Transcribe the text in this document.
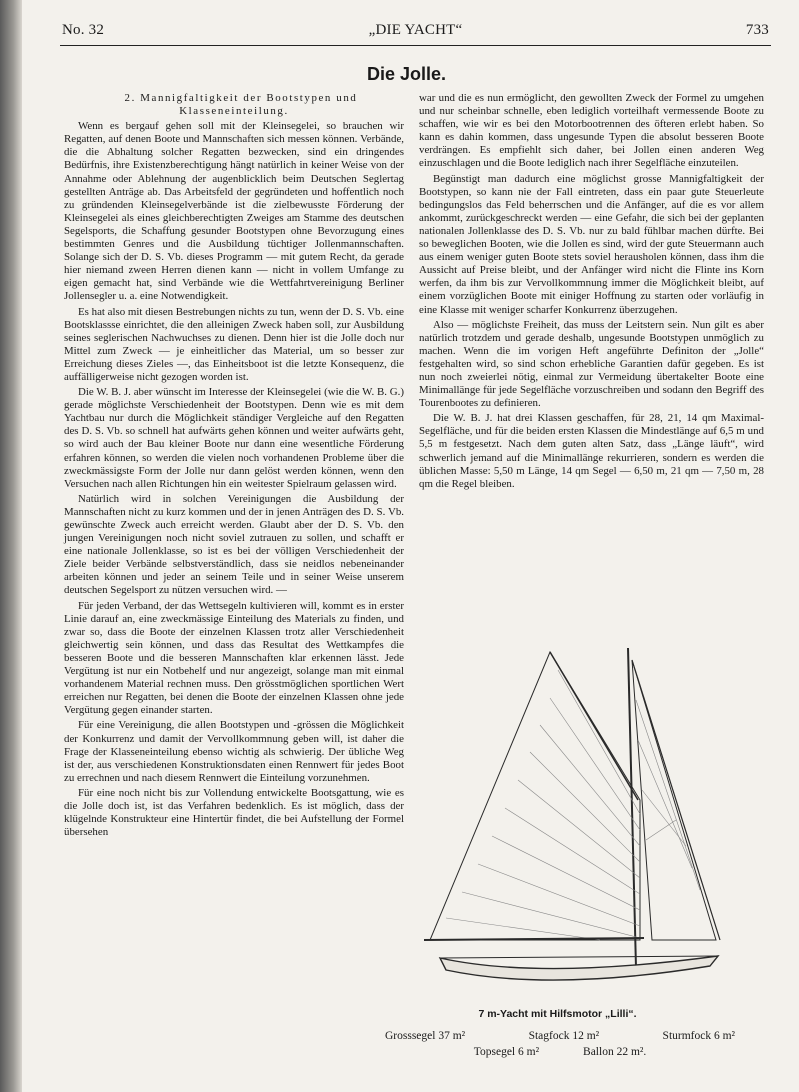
No. 32	„DIE YACHT“	733
Die Jolle.

2. Mannigfaltigkeit der Bootstypen und Klasseneinteilung.

Wenn es bergauf gehen soll mit der Kleinsegelei, so brauchen wir Regatten, auf denen Boote und Mannschaften sich messen können. Verbände, die die Abhaltung solcher Regatten bezwecken, sind ein dringendes Bedürfnis, ihre Existenzberechtigung hängt natürlich in keiner Weise von der Annahme oder Ablehnung der augenblicklich beim Deutschen Seglertag gestellten Anträge ab. Das Arbeitsfeld der gegründeten und hoffentlich noch zu gründenden Kleinsegelverbände ist die zielbewusste Förderung der Kleinsegelei als eines gleichberechtigten Zweiges am Stamme des deutschen Segelsports, die Schaffung gesunder Bootstypen ohne Bevorzugung eines bestimmten Genres und die Ausbildung tüchtiger Jollenmannschaften. Solange sich der D. S. Vb. dieses Programm — mit gutem Recht, da gerade hier niemand zween Herren dienen kann — nicht in vollem Umfange zu eigen gemacht hat, sind Verbände wie die Wettfahrtvereinigung Berliner Jollensegler u. a. eine Notwendigkeit.

Es hat also mit diesen Bestrebungen nichts zu tun, wenn der D. S. Vb. eine Bootsklassse einrichtet, die den alleinigen Zweck haben soll, zur Ausbildung seines seglerischen Nachwuchses zu dienen. Denn hier ist die Jolle doch nur Mittel zum Zweck — je einheitlicher das Material, um so besser zur Erreichung dieses Zieles —, das Einheitsboot ist die letzte Konsequenz, die auffälligerweise nicht gezogen worden ist.

Die W. B. J. aber wünscht im Interesse der Kleinsegelei (wie die W. B. G.) gerade möglichste Verschiedenheit der Bootstypen. Denn wie es mit dem Yachtbau nur durch die Möglichkeit ständiger Vergleiche auf den Regatten des D. S. Vb. so schnell hat aufwärts gehen können und weiter aufwärts geht, so wird auch der Bau kleiner Boote nur dann eine wesentliche Förderung erfahren können, so werden die vielen noch vorhandenen Probleme über die zweckmässigste Form der Jolle nur dann gelöst werden können, wenn den Versuchen nach allen Richtungen hin ein weitester Spielraum gelassen wird.

Natürlich wird in solchen Vereinigungen die Ausbildung der Mannschaften nicht zu kurz kommen und der in jenen Anträgen des D. S. Vb. gewünschte Zweck auch erreicht werden. Glaubt aber der D. S. Vb. den jungen Vereinigungen noch nicht soviel zutrauen zu sollen, und schafft er eine nationale Jollenklasse, so ist es bei der völligen Verschiedenheit der Ziele beider Verbände selbstverständlich, dass sie neidlos nebeneinander arbeiten können und jeder an seinem Teile und in seiner Weise unserem deutschen Segelsport zu nützen versuchen wird. —

Für jeden Verband, der das Wettsegeln kultivieren will, kommt es in erster Linie darauf an, eine zweckmässige Einteilung des Materials zu finden, und zwar so, dass die Boote der einzelnen Klassen trotz aller Verschiedenheit gleichwertig sein können, und dass das Resultat des Wettkampfes die besseren Boote und die besseren Mannschaften klar erkennen lässt. Jede Vergütung ist nur ein Notbehelf und nur angezeigt, solange man mit einmal vorhandenem Material rechnen muss. Den grösstmöglichen sportlichen Wert erreichen nur Regatten, bei denen die Boote der einzelnen Klassen ohne jede Vergütung gegen einander starten.

Für eine Vereinigung, die allen Bootstypen und -grössen die Möglichkeit der Konkurrenz und damit der Vervollkommnung geben will, ist daher die Frage der Klasseneinteilung ebenso wichtig als schwierig. Der übliche Weg ist der, aus verschiedenen Konstruktionsdaten einen Rennwert für jedes Boot zu errechnen und nach diesem Rennwert die Einteilung vorzunehmen.

Für eine noch nicht bis zur Vollendung entwickelte Bootsgattung, wie es die Jolle doch ist, ist das Verfahren bedenklich. Es ist möglich, dass der klügelnde Konstrukteur eine Hintertür findet, die bei Aufstellung der Formel übersehen

war und die es nun ermöglicht, den gewollten Zweck der Formel zu umgehen und nur scheinbar schnelle, eben lediglich vorteilhaft vermessende Boote zu schaffen, wie wir es bei den Motorbootrennen des öfteren erlebt haben. So kann es dahin kommen, dass ungesunde Typen die absolut besseren Boote verdrängen. Es empfiehlt sich daher, bei Jollen einen anderen Weg einzuschlagen und die Boote lediglich nach ihrer Segelfläche einzuteilen.

Begünstigt man dadurch eine möglichst grosse Mannigfaltigkeit der Bootstypen, so kann nie der Fall eintreten, dass ein paar gute Steuerleute bedingungslos das Feld beherrschen und die Anfänger, auf die es vor allem ankommt, zurückgeschreckt werden — eine Gefahr, die sich bei der geplanten nationalen Jollenklasse des D. S. Vb. nur zu bald fühlbar machen dürfte. Bei so beweglichen Booten, wie die Jollen es sind, wird der gute Steuermann auch aus einem weniger guten Boote stets soviel herausholen können, dass ihm die Aussicht auf Preise bleibt, und der Anfänger wird nicht die Flinte ins Korn werfen, da ihm bis zur Vervollkommnung immer die Möglichkeit bleibt, auf einem vorzüglichen Boote mit einiger Hoffnung zu starten oder vorläufig in eine Klasse mit weniger scharfer Konkurrenz überzugehen.

Also — möglichste Freiheit, das muss der Leitstern sein. Nun gilt es aber natürlich trotzdem und gerade deshalb, ungesunde Bootstypen unmöglich zu machen. Wenn die im vorigen Heft angeführte Definiton der „Jolle“ festgehalten wird, so sind schon erhebliche Garantien dafür gegeben. Es ist nun noch zweierlei nötig, einmal zur Vermeidung übertakelter Boote eine Minimallänge für jede Segelfläche vorzuschreiben und sodann den Begriff des Tourenbootes zu definieren.

Die W. B. J. hat drei Klassen geschaffen, für 28, 21, 14 qm Maximal-Segelfläche, und für die beiden ersten Klassen die Mindestlänge auf 6,5 m und 5,5 m festgesetzt. Nach dem guten alten Satz, dass „Länge läuft“, wird schwerlich jemand auf die Minimallänge rekurrieren, sondern es werden die üblichen Masse: 5,50 m Länge, 14 qm Segel — 6,50 m, 21 qm — 7,50 m, 28 qm die Regel bleiben.

7 m-Yacht mit Hilfsmotor „Lilli“.
Grosssegel 37 m²	Stagfock 12 m²	Sturmfock 6 m²
Topsegel 6 m²	Ballon 22 m².
